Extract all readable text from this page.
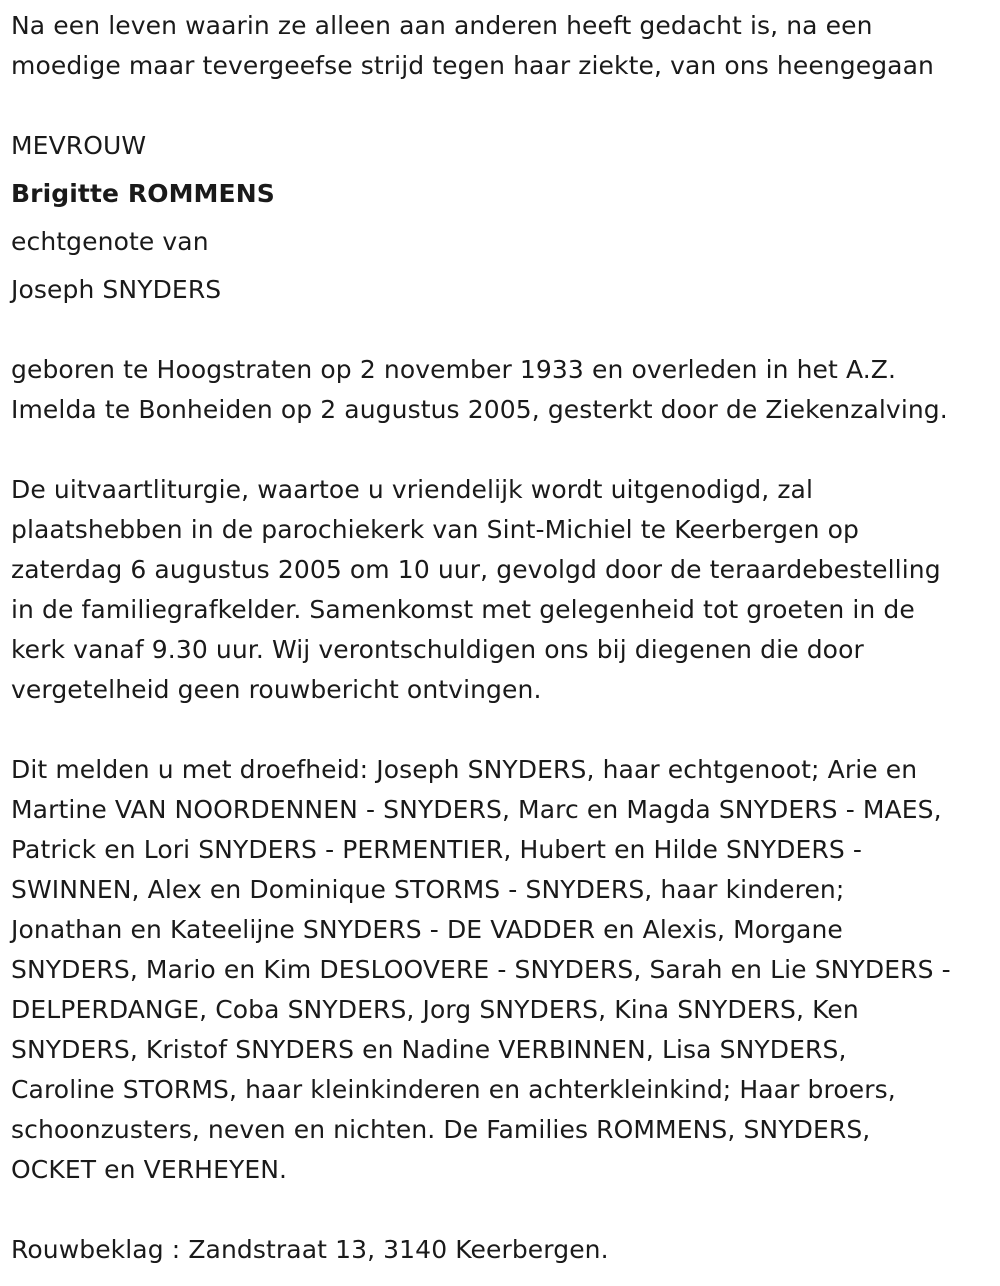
Na een leven waarin ze alleen aan anderen heeft gedacht is, na een

moedige maar tevergeefse strijd tegen haar ziekte, van ons heengegaan

MEVROUW

Brigitte ROMMENS

echtgenote van

Joseph SNYDERS

geboren te Hoogstraten op 2 november 1933 en overleden in het A.Z.

Imelda te Bonheiden op 2 augustus 2005, gesterkt door de Ziekenzalving.

De uitvaartliturgie, waartoe u vriendelijk wordt uitgenodigd, zal

plaatshebben in de parochiekerk van Sint-Michiel te Keerbergen op

zaterdag 6 augustus 2005 om 10 uur, gevolgd door de teraardebestelling

in de familiegrafkelder. Samenkomst met gelegenheid tot groeten in de

kerk vanaf 9.30 uur. Wij verontschuldigen ons bij diegenen die door

vergetelheid geen rouwbericht ontvingen.

Dit melden u met droefheid: Joseph SNYDERS, haar echtgenoot; Arie en

Martine VAN NOORDENNEN - SNYDERS, Marc en Magda SNYDERS - MAES,

Patrick en Lori SNYDERS - PERMENTIER, Hubert en Hilde SNYDERS -

SWINNEN, Alex en Dominique STORMS - SNYDERS, haar kinderen;

Jonathan en Kateelijne SNYDERS - DE VADDER en Alexis, Morgane

SNYDERS, Mario en Kim DESLOOVERE - SNYDERS, Sarah en Lie SNYDERS -

DELPERDANGE, Coba SNYDERS, Jorg SNYDERS, Kina SNYDERS, Ken

SNYDERS, Kristof SNYDERS en Nadine VERBINNEN, Lisa SNYDERS,

Caroline STORMS, haar kleinkinderen en achterkleinkind; Haar broers,

schoonzusters, neven en nichten. De Families ROMMENS, SNYDERS,

OCKET en VERHEYEN.

Rouwbeklag : Zandstraat 13, 3140 Keerbergen.
